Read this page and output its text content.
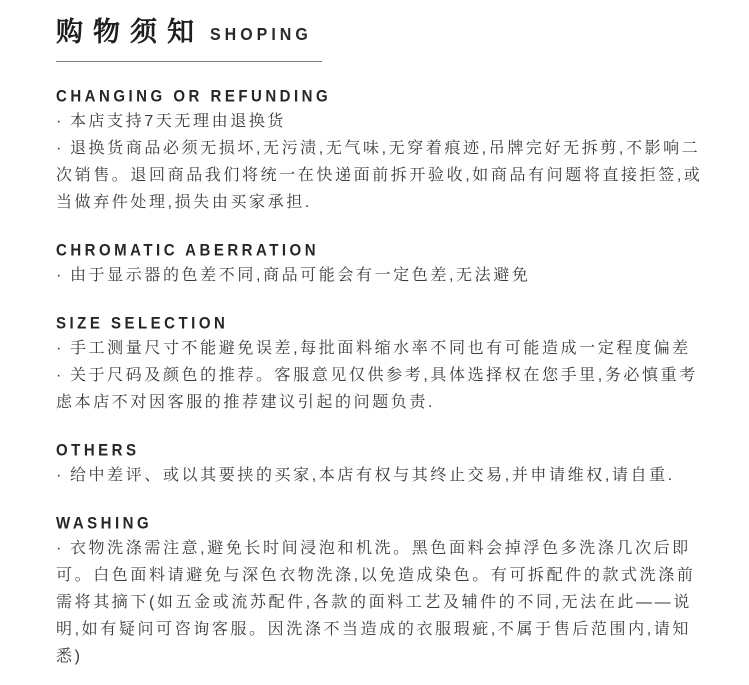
购物须知 SHOPING
CHANGING OR REFUNDING

· 本店支持7天无理由退换货

· 退换货商品必须无损坏,无污渍,无气味,无穿着痕迹,吊牌完好无拆剪,不影响二次销售。退回商品我们将统一在快递面前拆开验收,如商品有问题将直接拒签,或当做弃件处理,损失由买家承担.

CHROMATIC ABERRATION

· 由于显示器的色差不同,商品可能会有一定色差,无法避免

SIZE SELECTION

· 手工测量尺寸不能避免误差,每批面料缩水率不同也有可能造成一定程度偏差

· 关于尺码及颜色的推荐。客服意见仅供参考,具体选择权在您手里,务必慎重考虑本店不对因客服的推荐建议引起的问题负责.

OTHERS

· 给中差评、或以其要挟的买家,本店有权与其终止交易,并申请维权,请自重.

WASHING

· 衣物洗涤需注意,避免长时间浸泡和机洗。黑色面料会掉浮色多洗涤几次后即可。白色面料请避免与深色衣物洗涤,以免造成染色。有可拆配件的款式洗涤前需将其摘下(如五金或流苏配件,各款的面料工艺及辅件的不同,无法在此——说明,如有疑问可咨询客服。因洗涤不当造成的衣服瑕疵,不属于售后范围内,请知悉)
